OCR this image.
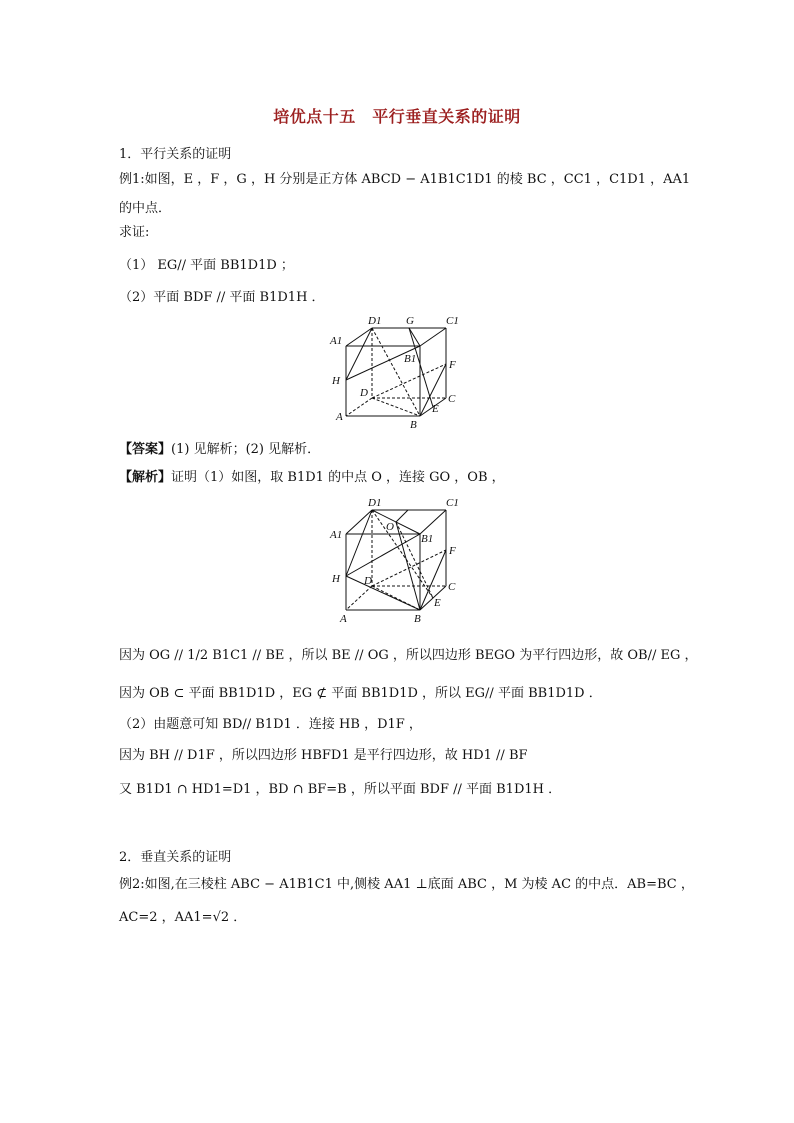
培优点十五　平行垂直关系的证明
1．平行关系的证明
例1:如图，E ，F ，G ，H 分别是正方体 ABCD − A1B1C1D1 的棱 BC ，CC1 ，C1D1 ，AA1
的中点．
求证:
（1） EG// 平面 BB1D1D ；
（2）平面 BDF // 平面 B1D1H ．
D1 G	C1
A1
B1	F
H
D	C
E
A
B
【答案】(1) 见解析；(2) 见解析．
【解析】证明（1）如图，取 B1D1 的中点 O ，连接 GO ，OB ，
D1	C1
O
A1	B1
F
H D	C
E
A	B
因为 OG // 1/2 B1C1 // BE ，所以 BE // OG ，所以四边形 BEGO 为平行四边形，故 OB// EG ，
因为 OB ⊂ 平面 BB1D1D ，EG ⊄ 平面 BB1D1D ，所以 EG// 平面 BB1D1D ．
（2）由题意可知 BD// B1D1 ．连接 HB ，D1F ，
因为 BH // D1F ，所以四边形 HBFD1 是平行四边形，故 HD1 // BF
又 B1D1 ∩ HD1=D1 ，BD ∩ BF=B ，所以平面 BDF // 平面 B1D1H ．
2．垂直关系的证明
例2:如图,在三棱柱 ABC − A1B1C1 中,侧棱 AA1 ⊥底面 ABC ，M 为棱 AC 的中点．AB=BC ，
AC=2 ，AA1=√2 ．
